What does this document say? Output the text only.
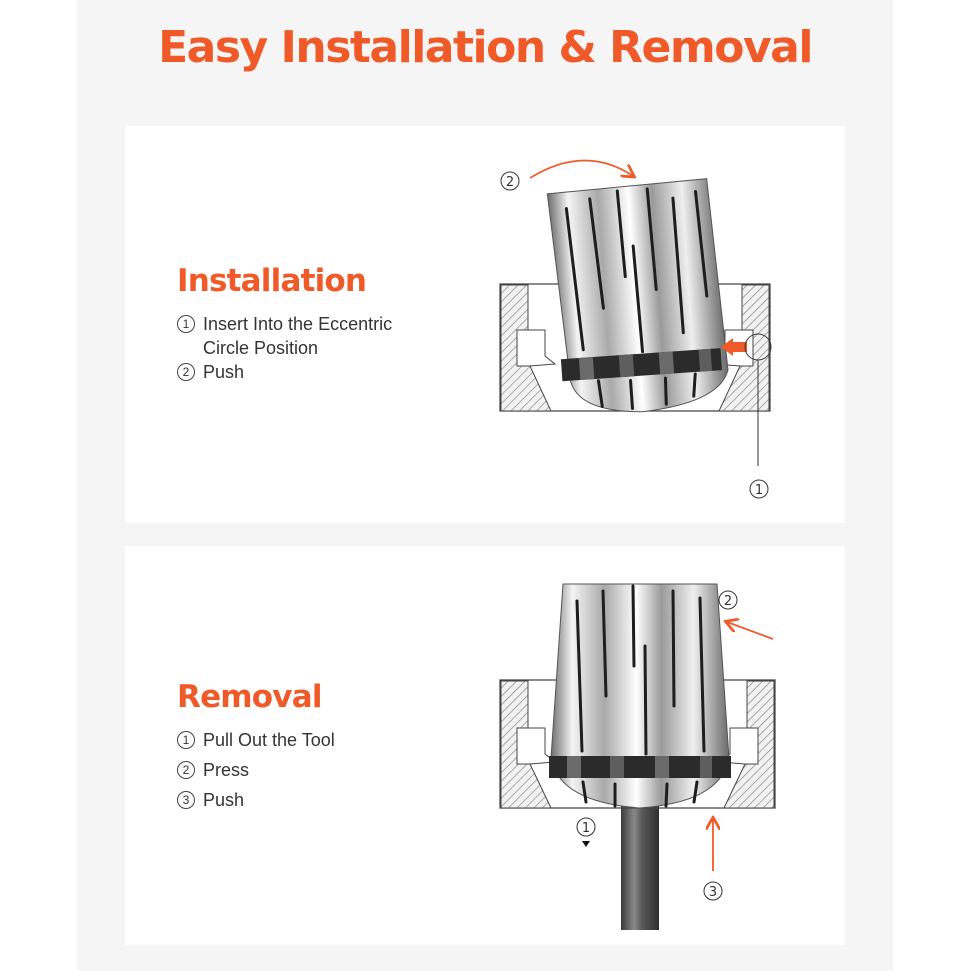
Easy Installation & Removal
Installation
1 Insert Into the Eccentric
Circle Position
2 Push
1
2
Removal
1 Pull Out the Tool
2 Press
3 Push
1
2
3
